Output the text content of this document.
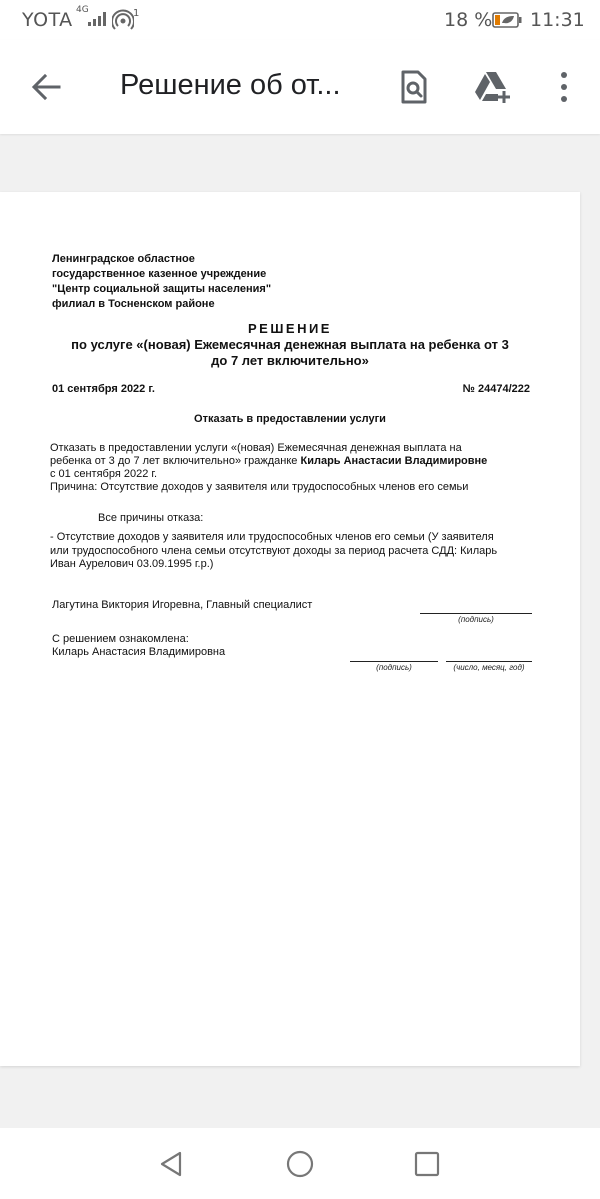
YOTA 4G	1	18 % 11:31
Решение об от...
Ленинградское областное
государственное казенное учреждение
"Центр социальной защиты населения"
филиал в Тосненском районе
РЕШЕНИЕ
по услуге «(новая) Ежемесячная денежная выплата на ребенка от 3
до 7 лет включительно»
01 сентября 2022 г.	№ 24474/222
Отказать в предоставлении услуги
Отказать в предоставлении услуги «(новая) Ежемесячная денежная выплата на
ребенка от 3 до 7 лет включительно» гражданке Киларь Анастасии Владимировне
с 01 сентября 2022 г.
Причина: Отсутствие доходов у заявителя или трудоспособных членов его семьи
Все причины отказа:
- Отсутствие доходов у заявителя или трудоспособных членов его семьи (У заявителя
или трудоспособного члена семьи отсутствуют доходы за период расчета СДД: Киларь
Иван Аурелович 03.09.1995 г.р.)
Лагутина Виктория Игоревна, Главный специалист
(подпись)
С решением ознакомлена:
Киларь Анастасия Владимировна
(подпись)	(число, месяц, год)
